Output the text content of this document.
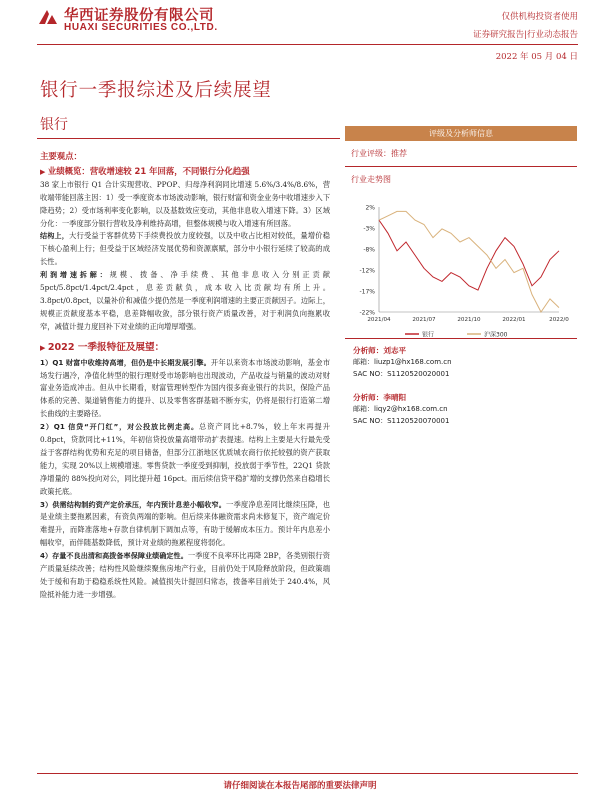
华西证券股份有限公司
HUAXI SECURITIES CO.,LTD.
仅供机构投资者使用
证券研究报告|行业动态报告
2022 年 05 月 04 日
银行一季报综述及后续展望
银行

主要观点：

▶ 业绩概览：营收增速较 21 年回落，不同银行分化趋强

38 家上市银行 Q1 合计实现营收、PPOP、归母净利润同比增速 5.6%/3.4%/8.6%，营收端带能回落主因：1）受一季度资本市场波动影响，银行财富和资金业务中收增速步入下降趋势；2）受市场利率变化影响，以及基数效应变动，其他非息收入增速下降。3）区域分化：一季度部分银行营收及净利维持高增，但整体规模与收入增速有所回落。

结构上，大行受益于客群优势下手续费投放力度较强，以及中收占比相对较低，量增价稳下核心盈利上行；但受益于区域经济发展优势和资源禀赋，部分中小银行延续了较高的成长性。

利润增速拆解：规模、拨备、净手续费、其他非息收入分别正贡献 5pct/5.8pct/1.4pct/2.4pct，息差贡献负，成本收入比贡献均有所上升。3.8pct/0.8pct，以量补价和减值少提仍然是一季度利润增速的主要正贡献因子。边际上，规模正贡献度基本平稳，息差降幅收敛，部分银行资产质量改善，对于利润负向拖累收窄，减值计提力度回补下对业绩的正向增厚增强。

▶ 2022 一季报特征及展望：

1）Q1 财富中收维持高增，但仍是中长期发展引擎。开年以来资本市场波动影响，基金市场发行遇冷，净值化转型的银行理财受市场影响也出现波动，产品收益与销量的波动对财富业务造成冲击。但从中长期看，财富管理转型作为国内很多商业银行的共识，保险产品体系的完善、渠道销售能力的提升、以及零售客群基础不断夯实，仍将是银行打造第二增长曲线的主要路径。

2）Q1 信贷“开门红”，对公投放比例走高。总资产同比+8.7%，较上年末再提升 0.8pct，贷款同比+11%，年初信贷投放量高增带动扩表提速。结构上主要是大行最先受益于客群结构优势和充足的项目储备，但部分江浙地区优质城农商行依托较强的资产获取能力，实现 20%以上规模增速。零售贷款一季度受到抑制，投放弱于季节性，22Q1 贷款净增量的 88%投向对公，同比提升超 16pct。而后续信贷平稳扩增的支撑仍然来自稳增长政策托底。

3）供需结构制约资产定价承压，年内预计息差小幅收窄。一季度净息差同比继续压降，也是业绩主要拖累因素，有资负两端的影响。但后续来体融资需求尚未修复下，资产端定价难提升，而降准落地+存款自律机制下调加点等，有助于缓解成本压力。预计年内息差小幅收窄，而伴随基数降低，预计对业绩的拖累程度将弱化。

4）存量不良出清和高拨备率保障业绩确定性。一季度不良率环比再降 2BP，各类别银行资产质量延续改善；结构性风险继续聚焦房地产行业，目前仍处于风险释放阶段，但政策端处于缓和有助于稳稳系统性风险。减值损失计提回归常态，拨备率目前处于 240.4%，风险抵补能力进一步增强。

评级及分析师信息
行业评级：推荐
行业走势图
2%
-3%
-8%
-12%
-17%
-22%
2021/04	2021/07	2021/10	2022/01	2022/0
银行	沪深300
分析师：刘志平
邮箱：liuzp1@hx168.com.cn
SAC NO：S1120520020001
分析师：李晴阳
邮箱：liqy2@hx168.com.cn
SAC NO：S1120520070001
请仔细阅读在本报告尾部的重要法律声明
